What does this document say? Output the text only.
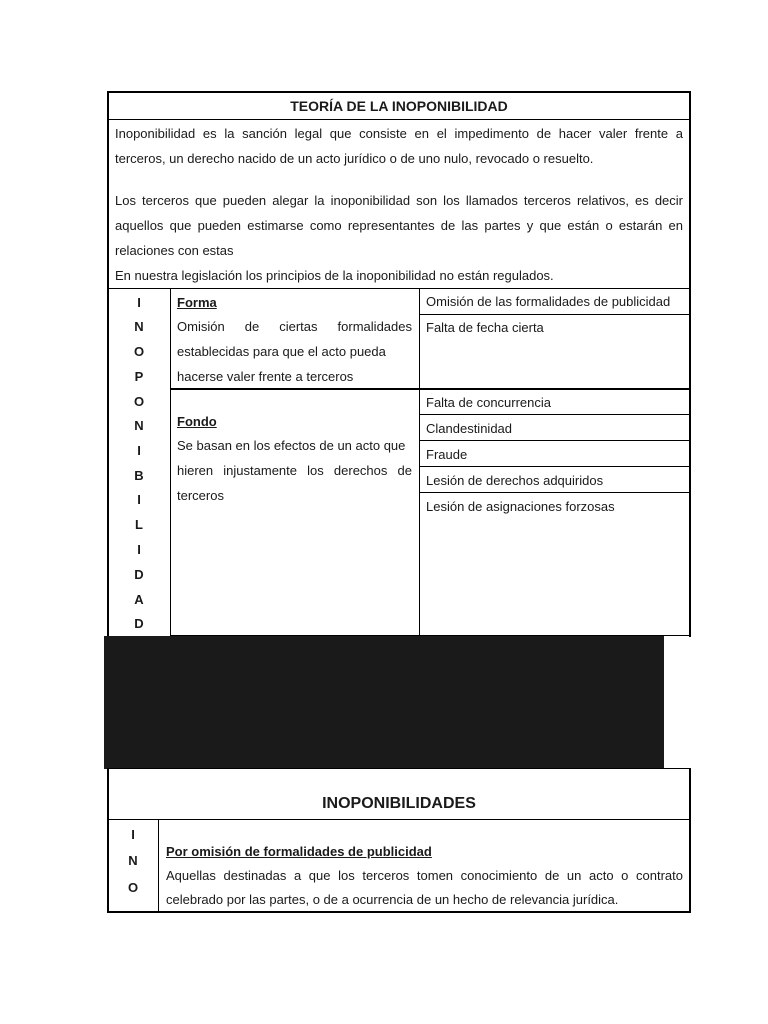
TEORÍA DE LA INOPONIBILIDAD
Inoponibilidad es la sanción legal que consiste en el impedimento de hacer valer frente a
terceros, un derecho nacido de un acto jurídico o de uno nulo, revocado o resuelto.
Los terceros que pueden alegar la inoponibilidad son los llamados terceros relativos, es decir
aquellos que pueden estimarse como representantes de las partes y que están o estarán en
relaciones con estas
En nuestra legislación los principios de la inoponibilidad no están regulados.
I
N
O
P
O
N
I
B
I
L
I
D
A
D
Forma
Omisión de ciertas formalidades
establecidas para que el acto pueda
hacerse valer frente a terceros
Omisión de las formalidades de publicidad
Falta de fecha cierta
Fondo
Se basan en los efectos de un acto que
hieren injustamente los derechos de
terceros
Falta de concurrencia
Clandestinidad
Fraude
Lesión de derechos adquiridos
Lesión de asignaciones forzosas
INOPONIBILIDADES
I
N
O
Por omisión de formalidades de publicidad
Aquellas destinadas a que los terceros tomen conocimiento de un acto o contrato
celebrado por las partes, o de a ocurrencia de un hecho de relevancia jurídica.
